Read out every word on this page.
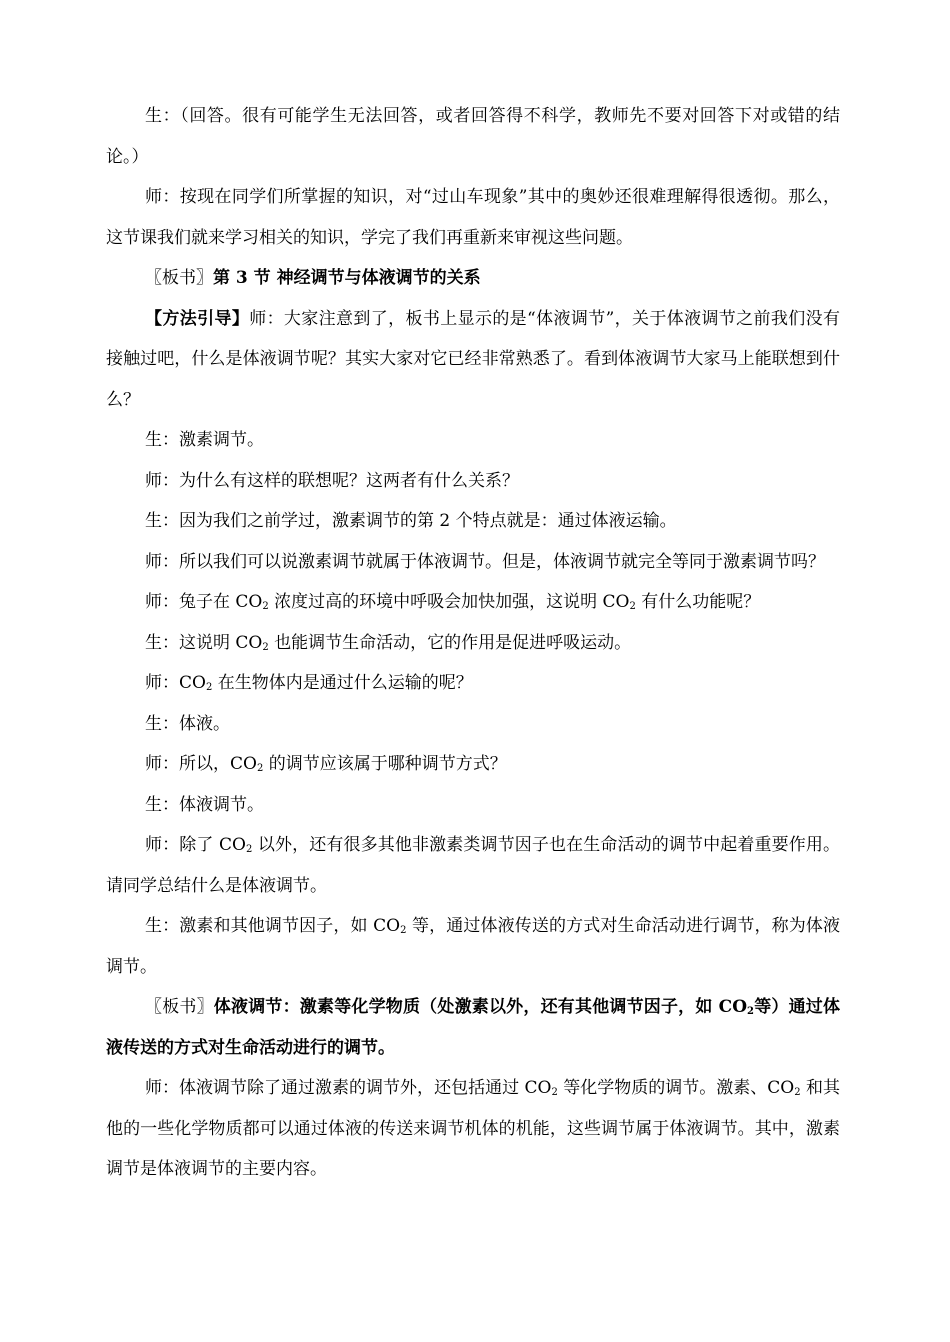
生：（回答。很有可能学生无法回答，或者回答得不科学，教师先不要对回答下对或错的结论。）

师：按现在同学们所掌握的知识，对“过山车现象”其中的奥妙还很难理解得很透彻。那么，这节课我们就来学习相关的知识，学完了我们再重新来审视这些问题。

〖板书〗第 3 节 神经调节与体液调节的关系

【方法引导】师：大家注意到了，板书上显示的是“体液调节”，关于体液调节之前我们没有接触过吧，什么是体液调节呢？其实大家对它已经非常熟悉了。看到体液调节大家马上能联想到什么？

生：激素调节。

师：为什么有这样的联想呢？这两者有什么关系？

生：因为我们之前学过，激素调节的第 2 个特点就是：通过体液运输。

师：所以我们可以说激素调节就属于体液调节。但是，体液调节就完全等同于激素调节吗？

师：兔子在 $CO_2$ 浓度过高的环境中呼吸会加快加强，这说明 $CO_2$ 有什么功能呢？

生：这说明 $CO_2$ 也能调节生命活动，它的作用是促进呼吸运动。

师：$CO_2$ 在生物体内是通过什么运输的呢？

生：体液。

师：所以，$CO_2$ 的调节应该属于哪种调节方式？

生：体液调节。

师：除了 $CO_2$ 以外，还有很多其他非激素类调节因子也在生命活动的调节中起着重要作用。请同学总结什么是体液调节。

生：激素和其他调节因子，如 $CO_2$ 等，通过体液传送的方式对生命活动进行调节，称为体液调节。

〖板书〗体液调节：激素等化学物质（处激素以外，还有其他调节因子，如 $CO_2$等）通过体液传送的方式对生命活动进行的调节。

师：体液调节除了通过激素的调节外，还包括通过 $CO_2$ 等化学物质的调节。激素、$CO_2$ 和其他的一些化学物质都可以通过体液的传送来调节机体的机能，这些调节属于体液调节。其中，激素调节是体液调节的主要内容。
